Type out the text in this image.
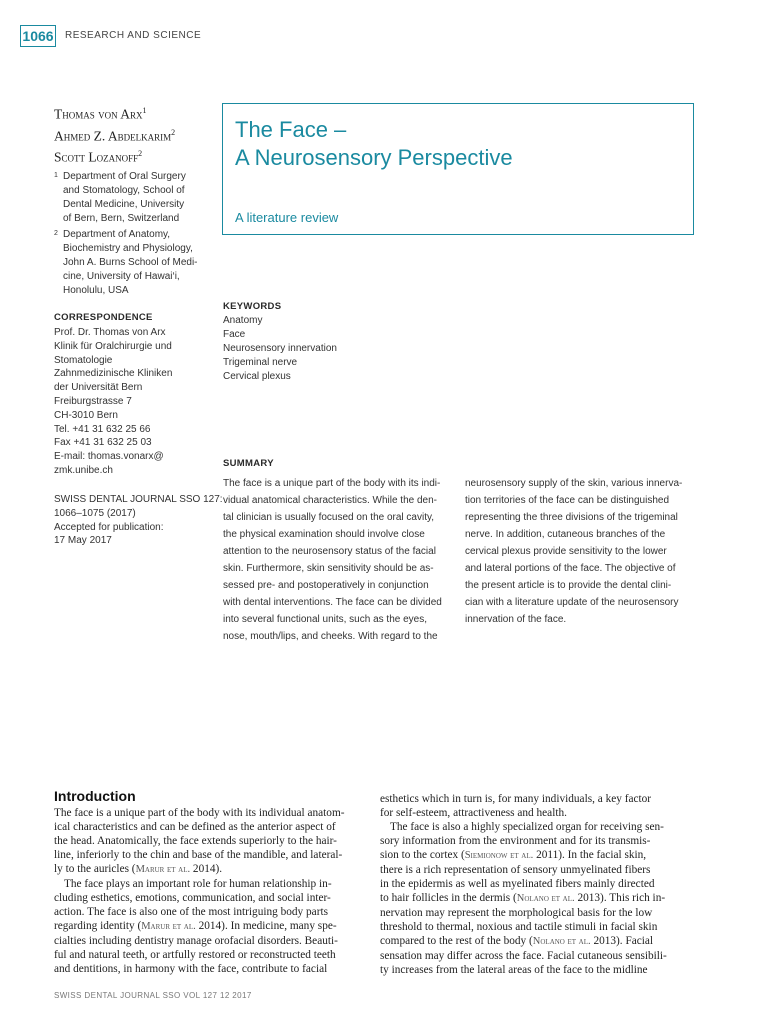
1066 RESEARCH AND SCIENCE
Thomas von Arx$^1$
Ahmed Z. Abdelkarim$^2$
Scott Lozanoff$^2$
1 Department of Oral Surgery
and Stomatology, School of
Dental Medicine, University
of Bern, Bern, Switzerland
2 Department of Anatomy,
Biochemistry and Physiology,
John A. Burns School of Medi-
cine, University of Hawai‘i,
Honolulu, USA
CORRESPONDENCE
Prof. Dr. Thomas von Arx
Klinik für Oralchirurgie und
Stomatologie
Zahnmedizinische Kliniken
der Universität Bern
Freiburgstrasse 7
CH-3010 Bern
Tel. +41 31 632 25 66
Fax +41 31 632 25 03
E-mail: thomas.vonarx@
zmk.unibe.ch
SWISS DENTAL JOURNAL SSO 127:
1066–1075 (2017)
Accepted for publication:
17 May 2017
The Face –
A Neurosensory Perspective
A literature review
KEYWORDS
Anatomy
Face
Neurosensory innervation
Trigeminal nerve
Cervical plexus
SUMMARY
The face is a unique part of the body with its indi-
vidual anatomical characteristics. While the den-
tal clinician is usually focused on the oral cavity,
the physical examination should involve close
attention to the neurosensory status of the facial
skin. Furthermore, skin sensitivity should be as-
sessed pre- and postoperatively in conjunction
with dental interventions. The face can be divided
into several functional units, such as the eyes,
nose, mouth/lips, and cheeks. With regard to the
neurosensory supply of the skin, various innerva-
tion territories of the face can be distinguished
representing the three divisions of the trigeminal
nerve. In addition, cutaneous branches of the
cervical plexus provide sensitivity to the lower
and lateral portions of the face. The objective of
the present article is to provide the dental clini-
cian with a literature update of the neurosensory
innervation of the face.
Introduction
The face is a unique part of the body with its individual anatom-
ical characteristics and can be defined as the anterior aspect of
the head. Anatomically, the face extends superiorly to the hair-
line, inferiorly to the chin and base of the mandible, and lateral-
ly to the auricles (Marur et al. 2014).
The face plays an important role for human relationship in-
cluding esthetics, emotions, communication, and social inter-
action. The face is also one of the most intriguing body parts
regarding identity (Marur et al. 2014). In medicine, many spe-
cialties including dentistry manage orofacial disorders. Beauti-
ful and natural teeth, or artfully restored or reconstructed teeth
and dentitions, in harmony with the face, contribute to facial
esthetics which in turn is, for many individuals, a key factor
for self-esteem, attractiveness and health.
The face is also a highly specialized organ for receiving sen-
sory information from the environment and for its transmis-
sion to the cortex (Siemionow et al. 2011). In the facial skin,
there is a rich representation of sensory unmyelinated fibers
in the epidermis as well as myelinated fibers mainly directed
to hair follicles in the dermis (Nolano et al. 2013). This rich in-
nervation may represent the morphological basis for the low
threshold to thermal, noxious and tactile stimuli in facial skin
compared to the rest of the body (Nolano et al. 2013). Facial
sensation may differ across the face. Facial cutaneous sensibili-
ty increases from the lateral areas of the face to the midline
SWISS DENTAL JOURNAL SSO VOL 127 12 2017
